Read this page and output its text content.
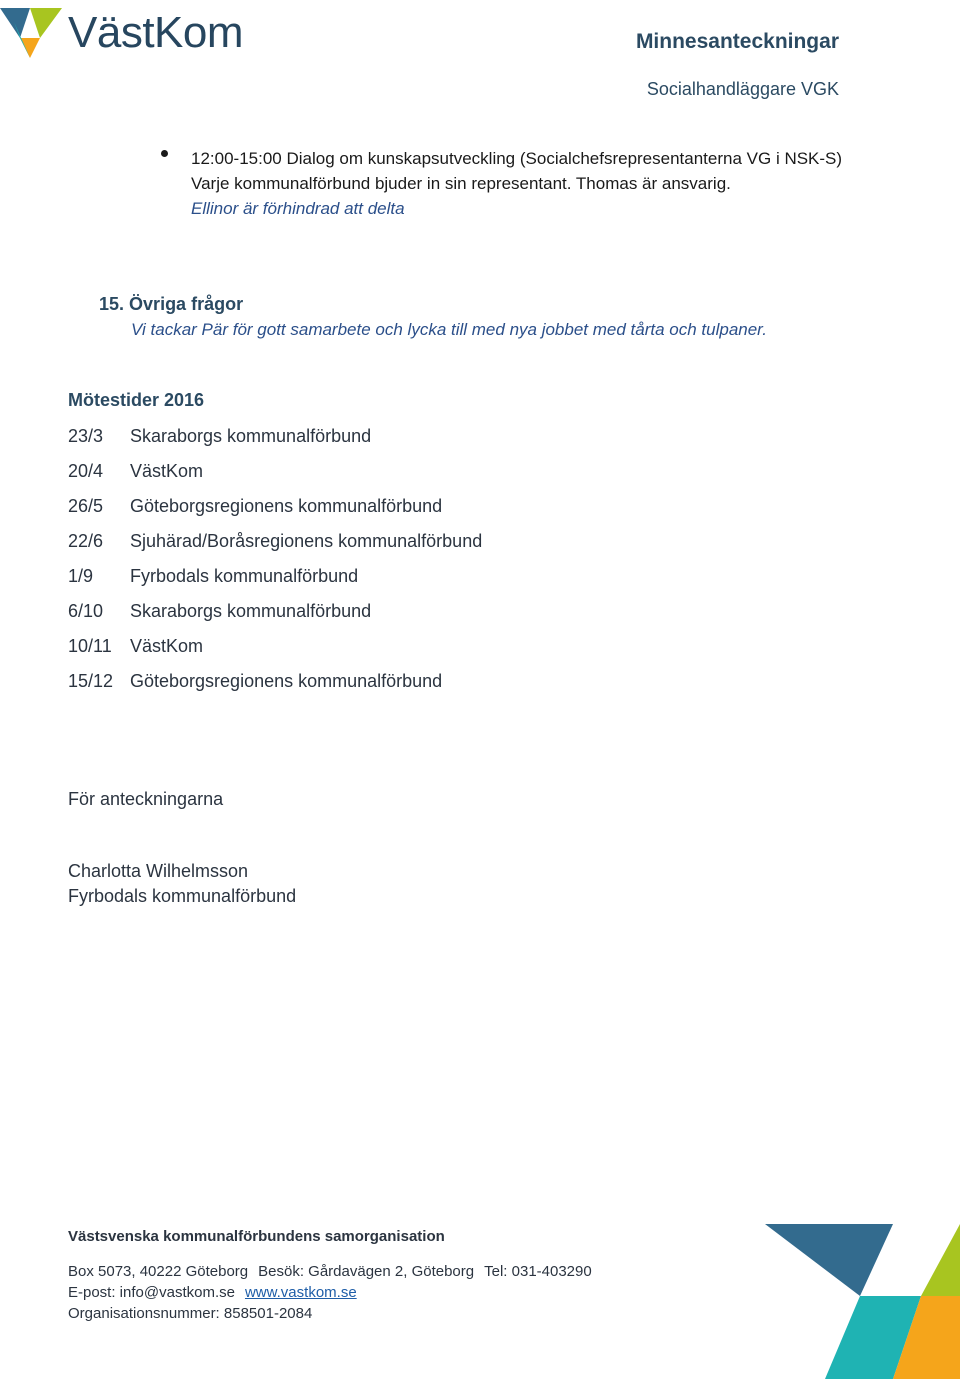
VästKom	Minnesanteckningar
Socialhandläggare VGK
12:00-15:00 Dialog om kunskapsutveckling (Socialchefsrepresentanterna VG i NSK-S) Varje kommunalförbund bjuder in sin representant. Thomas är ansvarig.
Ellinor är förhindrad att delta
15. Övriga frågor
Vi tackar Pär för gott samarbete och lycka till med nya jobbet med tårta och tulpaner.
Mötestider 2016
23/3	Skaraborgs kommunalförbund
20/4	VästKom
26/5	Göteborgsregionens kommunalförbund
22/6	Sjuhärad/Boråsregionens kommunalförbund
1/9	Fyrbodals kommunalförbund
6/10	Skaraborgs kommunalförbund
10/11	VästKom
15/12 Göteborgsregionens kommunalförbund
För anteckningarna
Charlotta Wilhelmsson
Fyrbodals kommunalförbund
Västsvenska kommunalförbundens samorganisation
Box 5073, 40222 Göteborg Besök: Gårdavägen 2, Göteborg Tel: 031-403290
E-post: info@vastkom.se www.vastkom.se
Organisationsnummer: 858501-2084
